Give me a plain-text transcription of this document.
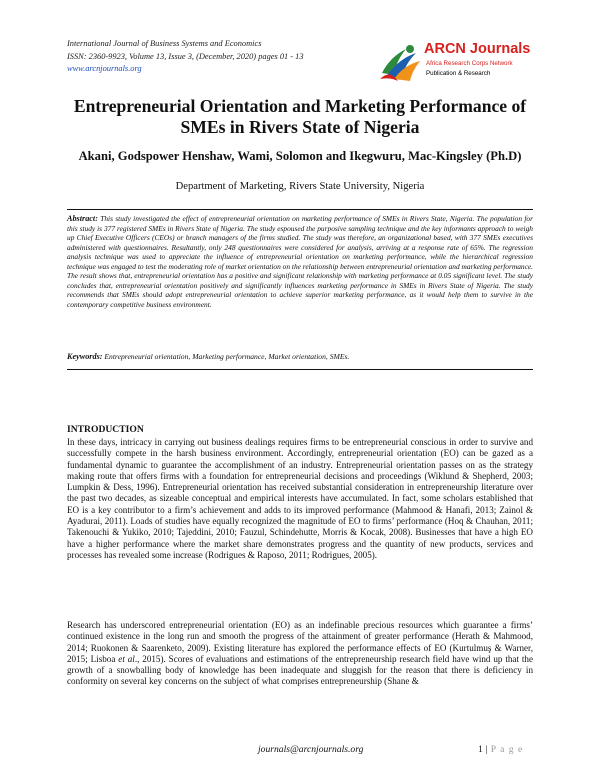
International Journal of Business Systems and Economics
ISSN: 2360-9923, Volume 13, Issue 3, (December, 2020) pages 01 - 13
www.arcnjournals.org
ARCN Journals
Africa Research Corps Network
Publication & Research
Entrepreneurial Orientation and Marketing Performance of SMEs in Rivers State of Nigeria
Akani, Godspower Henshaw, Wami, Solomon and Ikegwuru, Mac-Kingsley (Ph.D)
Department of Marketing, Rivers State University, Nigeria
Abstract: This study investigated the effect of entrepreneurial orientation on marketing performance of SMEs in Rivers State, Nigeria. The population for this study is 377 registered SMEs in Rivers State of Nigeria. The study espoused the purposive sampling technique and the key informants approach to weigh up Chief Executive Officers (CEOs) or branch managers of the firms studied. The study was therefore, an organizational based, with 377 SMEs executives administered with questionnaires. Resultantly, only 248 questionnaires were considered for analysis, arriving at a response rate of 65%. The regression analysis technique was used to appreciate the influence of entrepreneurial orientation on marketing performance, while the hierarchical regression technique was engaged to test the moderating role of market orientation on the relationship between entrepreneurial orientation and marketing performance. The result shows that, entrepreneurial orientation has a positive and significant relationship with marketing performance at 0.05 significant level. The study concludes that, entrepreneurial orientation positively and significantly influences marketing performance in SMEs in Rivers State of Nigeria. The study recommends that SMEs should adopt entrepreneurial orientation to achieve superior marketing performance, as it would help them to survive in the contemporary competitive business environment.
Keywords: Entrepreneurial orientation, Marketing performance, Market orientation, SMEs.
INTRODUCTION
In these days, intricacy in carrying out business dealings requires firms to be entrepreneurial conscious in order to survive and successfully compete in the harsh business environment. Accordingly, entrepreneurial orientation (EO) can be gazed as a fundamental dynamic to guarantee the accomplishment of an industry. Entrepreneurial orientation passes on as the strategy making route that offers firms with a foundation for entrepreneurial decisions and proceedings (Wiklund & Shepherd, 2003; Lumpkin & Dess, 1996). Entrepreneurial orientation has received substantial consideration in entrepreneurship literature over the past two decades, as sizeable conceptual and empirical interests have accumulated. In fact, some scholars established that EO is a key contributor to a firm’s achievement and adds to its improved performance (Mahmood & Hanafi, 2013; Zainol & Ayadurai, 2011). Loads of studies have equally recognized the magnitude of EO to firms’ performance (Hoq & Chauhan, 2011; Takenouchi & Yukiko, 2010; Tajeddini, 2010; Fauzul, Schindehutte, Morris & Kocak, 2008). Businesses that have a high EO have a higher performance where the market share demonstrates progress and the quantity of new products, services and processes has revealed some increase (Rodrigues & Raposo, 2011; Rodrigues, 2005).
Research has underscored entrepreneurial orientation (EO) as an indefinable precious resources which guarantee a firms’ continued existence in the long run and smooth the progress of the attainment of greater performance (Herath & Mahmood, 2014; Ruokonen & Saarenketo, 2009). Existing literature has explored the performance effects of EO (Kurtulmuş & Warner, 2015; Lisboa et al., 2015). Scores of evaluations and estimations of the entrepreneurship research field have wind up that the growth of a snowballing body of knowledge has been inadequate and sluggish for the reason that there is deficiency in conformity on several key concerns on the subject of what comprises entrepreneurship (Shane &
journals@arcnjournals.org	1 | P a g e
